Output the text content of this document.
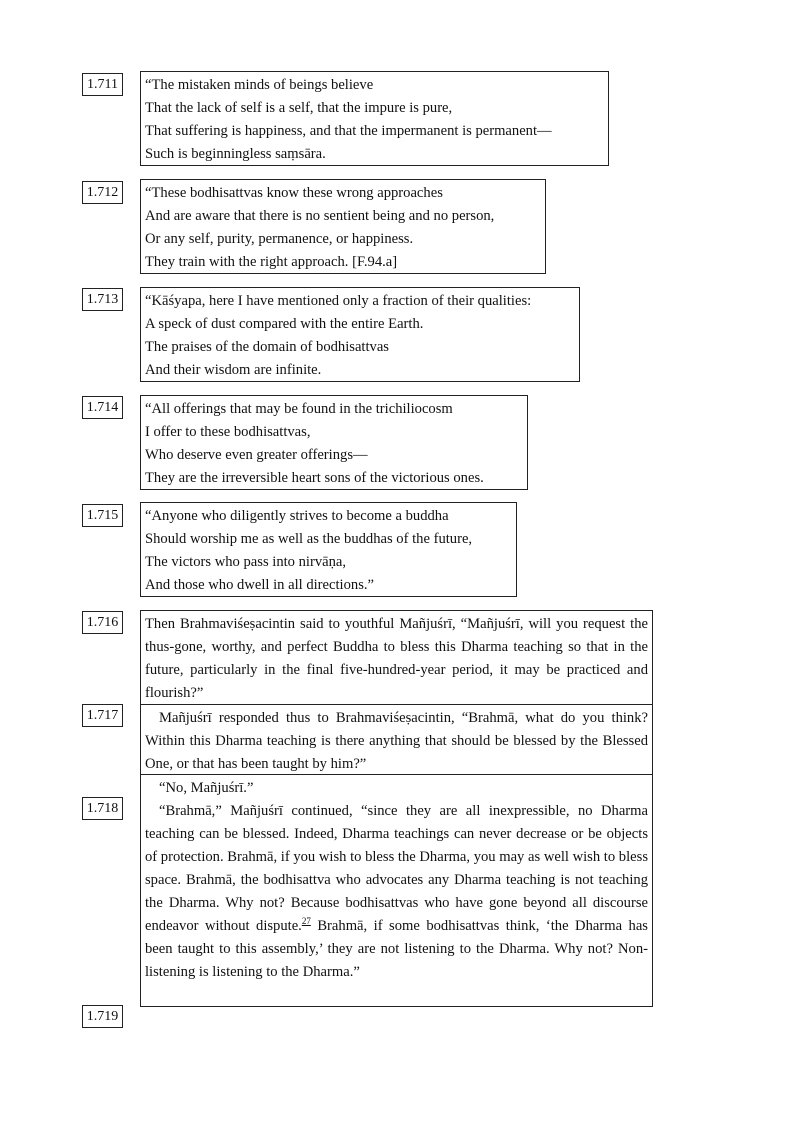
1.711	“The mistaken minds of beings believe
That the lack of self is a self, that the impure is pure,
That suffering is happiness, and that the impermanent is permanent—
Such is beginningless saṃsāra.
1.712	“These bodhisattvas know these wrong approaches
And are aware that there is no sentient being and no person,
Or any self, purity, permanence, or happiness.
They train with the right approach. [F.94.a]
1.713	“Kāśyapa, here I have mentioned only a fraction of their qualities:
A speck of dust compared with the entire Earth.
The praises of the domain of bodhisattvas
And their wisdom are infinite.
1.714	“All offerings that may be found in the trichiliocosm
I offer to these bodhisattvas,
Who deserve even greater offerings—
They are the irreversible heart sons of the victorious ones.
1.715	“Anyone who diligently strives to become a buddha
Should worship me as well as the buddhas of the future,
The victors who pass into nirvāṇa,
And those who dwell in all directions.”
1.716	Then Brahmaviśeṣacintin said to youthful Mañjuśrī, “Mañjuśrī, will you request the thus-gone, worthy, and perfect Buddha to bless this Dharma teaching so that in the future, particularly in the final five-hundred-year period, it may be practiced and flourish?”

1.717	Mañjuśrī responded thus to Brahmaviśeṣacintin, “Brahmā, what do you think? Within this Dharma teaching is there anything that should be blessed by the Blessed One, or that has been taught by him?”

1.718

“No, Mañjuśrī.”

“Brahmā,” Mañjuśrī continued, “since they are all inexpressible, no Dharma teaching can be blessed. Indeed, Dharma teachings can never decrease or be objects of protection. Brahmā, if you wish to bless the Dharma, you may as well wish to bless space. Brahmā, the bodhisattva who advocates any Dharma teaching is not teaching the Dharma. Why not? Because bodhisattvas who have gone beyond all discourse endeavor without dispute.$^{27}$ Brahmā, if some bodhisattvas think, ‘the Dharma has been taught to this assembly,’ they are not listening to the Dharma. Why not? Non-listening is listening to the Dharma.”

1.719
